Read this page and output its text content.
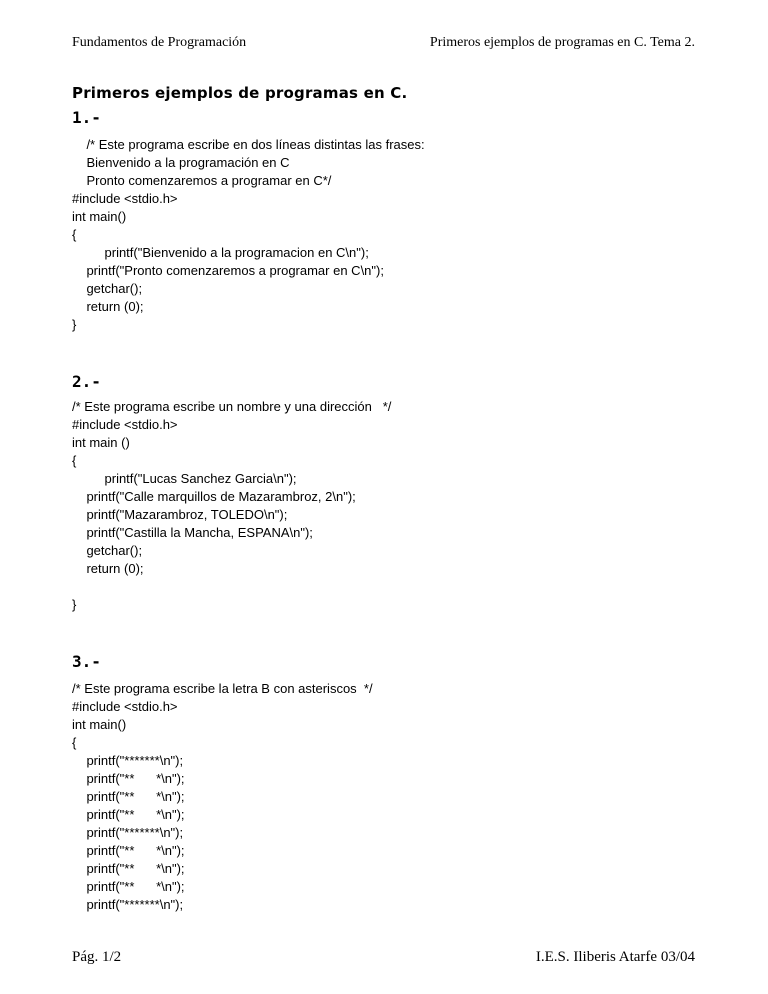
Fundamentos de Programación	Primeros ejemplos de programas en C. Tema 2.
Primeros ejemplos de programas en C.
1.-
/* Este programa escribe en dos líneas distintas las frases:
Bienvenido a la programación en C
Pronto comenzaremos a programar en C*/
#include <stdio.h>
int main()
{
printf("Bienvenido a la programacion en C\n");
printf("Pronto comenzaremos a programar en C\n");
getchar();
return (0);
}
2.-
/* Este programa escribe un nombre y una dirección   */
#include <stdio.h>
int main ()
{
printf("Lucas Sanchez Garcia\n");
printf("Calle marquillos de Mazarambroz, 2\n");
printf("Mazarambroz, TOLEDO\n");
printf("Castilla la Mancha, ESPANA\n");
getchar();
return (0);
}
3.-
/* Este programa escribe la letra B con asteriscos  */
#include <stdio.h>
int main()
{
printf("*******\n");
printf("**      *\n");
printf("**      *\n");
printf("**      *\n");
printf("*******\n");
printf("**      *\n");
printf("**      *\n");
printf("**      *\n");
printf("*******\n");
Pág. 1/2	I.E.S. Iliberis Atarfe 03/04
